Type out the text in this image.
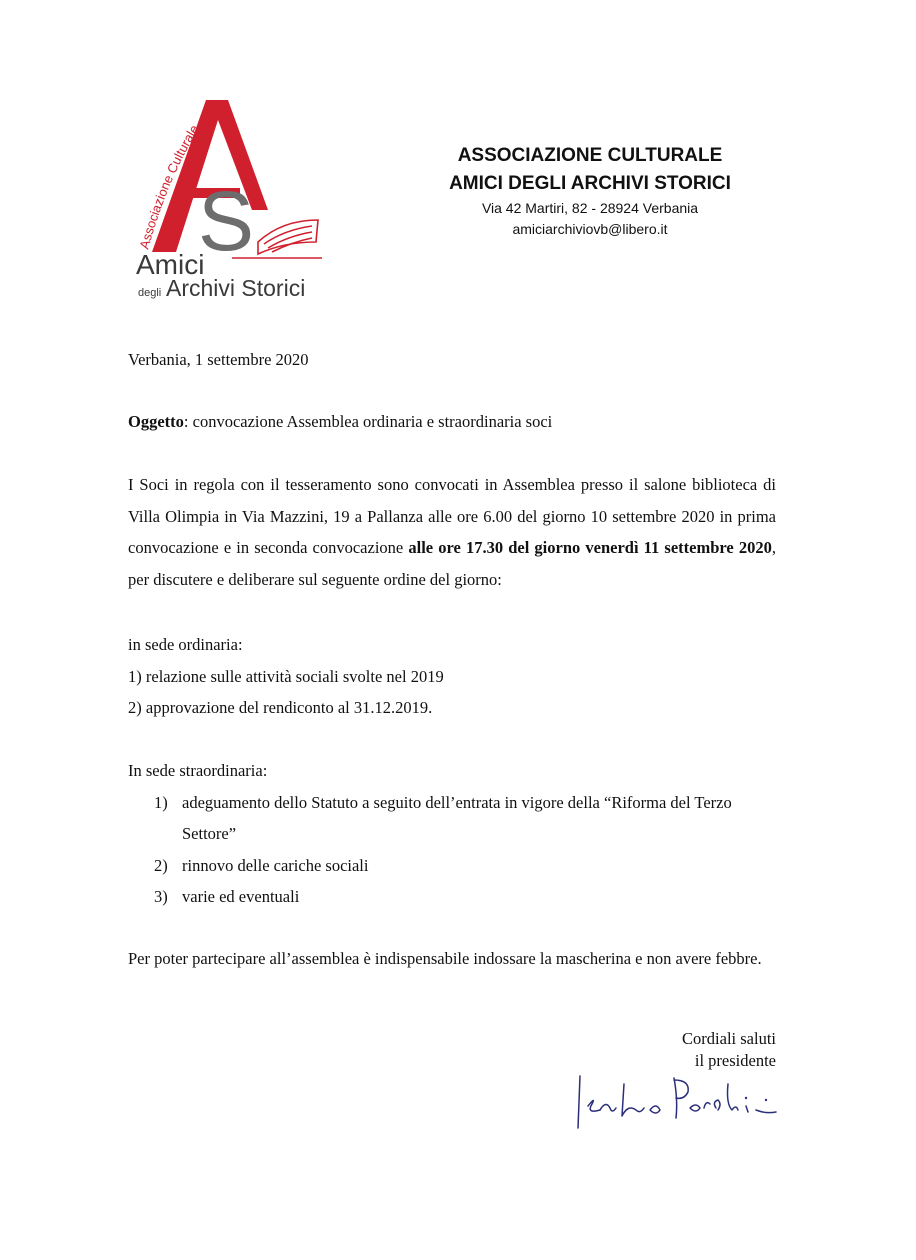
Associazione Culturale
S
Amici
degli Archivi Storici
ASSOCIAZIONE CULTURALE
AMICI DEGLI ARCHIVI STORICI
Via 42 Martiri, 82 - 28924 Verbania
amiciarchiviovb@libero.it
Verbania, 1 settembre 2020
Oggetto: convocazione Assemblea ordinaria e straordinaria soci
I Soci in regola con il tesseramento sono convocati in Assemblea presso il salone biblioteca di Villa Olimpia in Via Mazzini, 19 a Pallanza alle ore 6.00 del giorno 10 settembre 2020 in prima convocazione e in seconda convocazione alle ore 17.30 del giorno venerdì 11 settembre 2020, per discutere e deliberare sul seguente ordine del giorno:
in sede ordinaria:
1) relazione sulle attività sociali svolte nel 2019
2) approvazione del rendiconto al 31.12.2019.
In sede straordinaria:
1) adeguamento dello Statuto a seguito dell’entrata in vigore della “Riforma del Terzo Settore”
2) rinnovo delle cariche sociali
3) varie ed eventuali
Per poter partecipare all’assemblea è indispensabile indossare la mascherina e non avere febbre.
Cordiali saluti
il presidente
